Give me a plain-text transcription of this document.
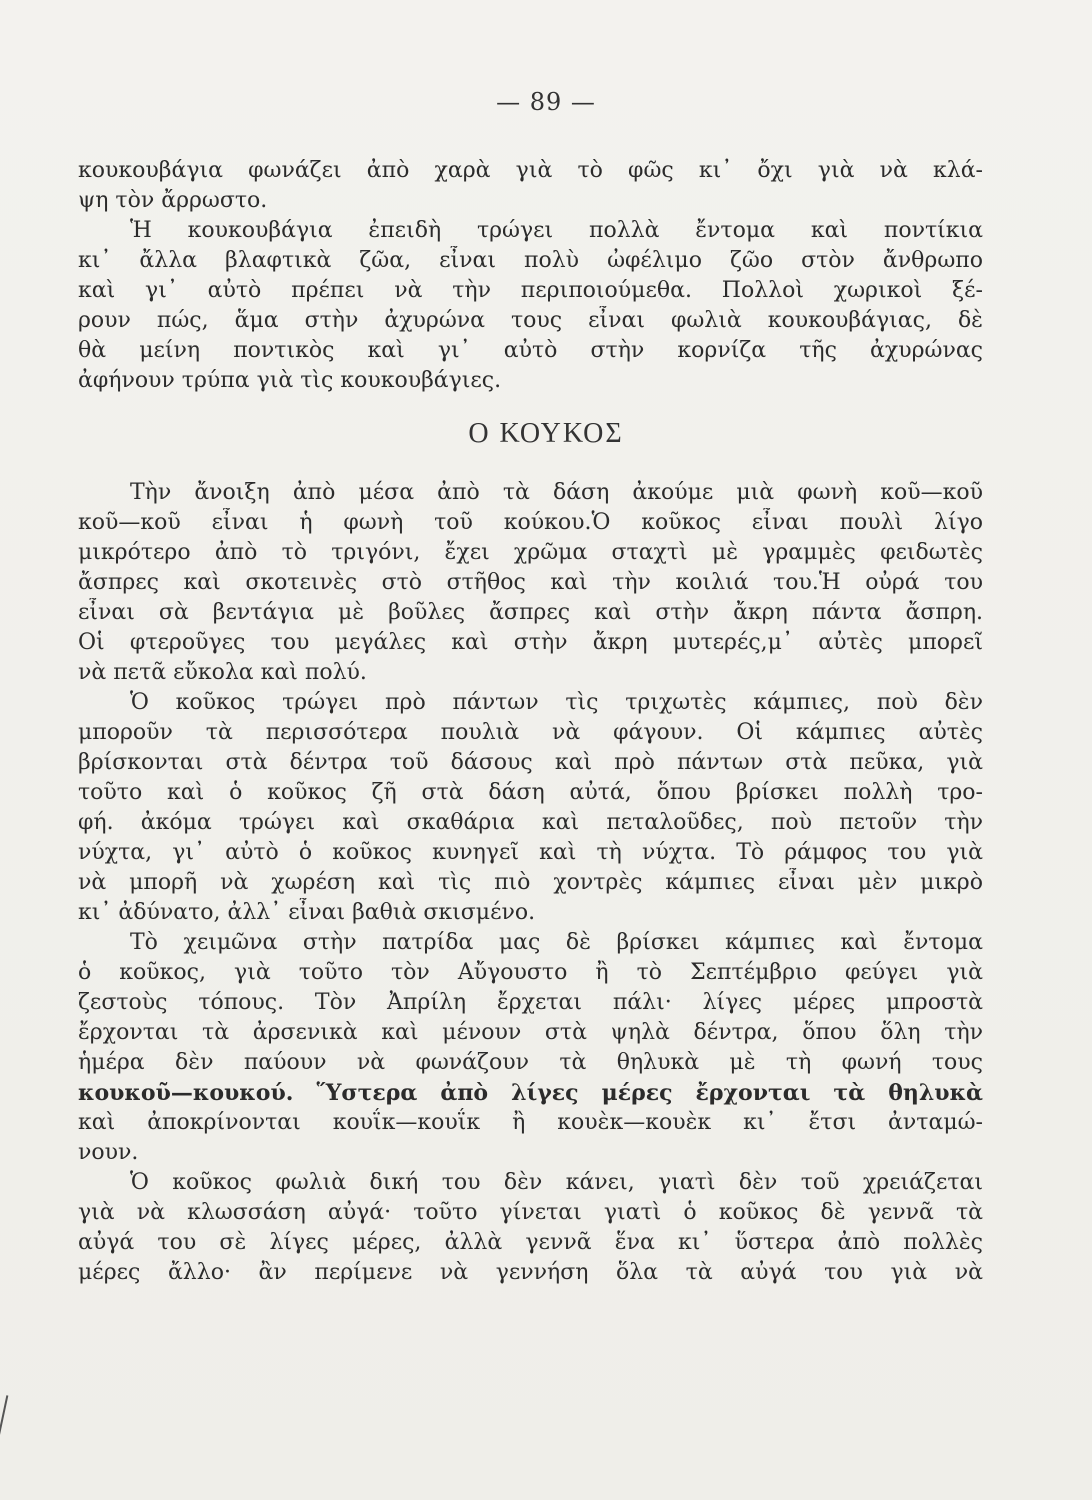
— 89 —
κουκουβάγια φωνάζει ἀπὸ χαρὰ γιὰ τὸ φῶς κι᾿ ὄχι γιὰ νὰ κλά-
ψη τὸν ἄρρωστο.
Ἡ κουκουβάγια ἐπειδὴ τρώγει πολλὰ ἔντομα καὶ ποντίκια
κι᾿ ἄλλα βλαφτικὰ ζῶα, εἶναι πολὺ ὠφέλιμο ζῶο στὸν ἄνθρωπο
καὶ γι᾿ αὐτὸ πρέπει νὰ τὴν περιποιούμεθα. Πολλοὶ χωρικοὶ ξέ-
ρουν πώς, ἅμα στὴν ἀχυρώνα τους εἶναι φωλιὰ κουκουβάγιας, δὲ
θὰ μείνη ποντικὸς καὶ γι᾿ αὐτὸ στὴν κορνίζα τῆς ἀχυρώνας
ἀφήνουν τρύπα γιὰ τὶς κουκουβάγιες.
Ο ΚΟΥΚΟΣ
Τὴν ἄνοιξη ἀπὸ μέσα ἀπὸ τὰ δάση ἀκούμε μιὰ φωνὴ κοῦ—κοῦ
κοῦ—κοῦ εἶναι ἡ φωνὴ τοῦ κούκου.Ὁ κοῦκος εἶναι πουλὶ λίγο
μικρότερο ἀπὸ τὸ τριγόνι, ἔχει χρῶμα σταχτὶ μὲ γραμμὲς φειδωτὲς
ἄσπρες καὶ σκοτεινὲς στὸ στῆθος καὶ τὴν κοιλιά του.Ἡ οὐρά του
εἶναι σὰ βεντάγια μὲ βοῦλες ἄσπρες καὶ στὴν ἄκρη πάντα ἄσπρη.
Οἱ φτεροῦγες του μεγάλες καὶ στὴν ἄκρη μυτερές,μ᾿ αὐτὲς μπορεῖ
νὰ πετᾶ εὔκολα καὶ πολύ.
Ὁ κοῦκος τρώγει πρὸ πάντων τὶς τριχωτὲς κάμπιες, ποὺ δὲν
μποροῦν τὰ περισσότερα πουλιὰ νὰ φάγουν. Οἱ κάμπιες αὐτὲς
βρίσκονται στὰ δέντρα τοῦ δάσους καὶ πρὸ πάντων στὰ πεῦκα, γιὰ
τοῦτο καὶ ὁ κοῦκος ζῆ στὰ δάση αὐτά, ὅπου βρίσκει πολλὴ τρο-
φή. ἀκόμα τρώγει καὶ σκαθάρια καὶ πεταλοῦδες, ποὺ πετοῦν τὴν
νύχτα, γι᾿ αὐτὸ ὁ κοῦκος κυνηγεῖ καὶ τὴ νύχτα. Τὸ ράμφος του γιὰ
νὰ μπορῆ νὰ χωρέση καὶ τὶς πιὸ χοντρὲς κάμπιες εἶναι μὲν μικρὸ
κι᾿ ἀδύνατο, ἀλλ᾿ εἶναι βαθιὰ σκισμένο.
Τὸ χειμῶνα στὴν πατρίδα μας δὲ βρίσκει κάμπιες καὶ ἔντομα
ὁ κοῦκος, γιὰ τοῦτο τὸν Αὔγουστο ἢ τὸ Σεπτέμβριο φεύγει γιὰ
ζεστοὺς τόπους. Τὸν Ἀπρίλη ἔρχεται πάλι· λίγες μέρες μπροστὰ
ἔρχονται τὰ ἀρσενικὰ καὶ μένουν στὰ ψηλὰ δέντρα, ὅπου ὅλη τὴν
ἡμέρα δὲν παύουν νὰ φωνάζουν τὰ θηλυκὰ μὲ τὴ φωνή τους
κουκοῦ—κουκού. Ὕστερα ἀπὸ λίγες μέρες ἔρχονται τὰ θηλυκὰ
καὶ ἀποκρίνονται κουΐκ—κουΐκ ἢ κουὲκ—κουὲκ κι᾿ ἔτσι ἀνταμώ-
νουν.
Ὁ κοῦκος φωλιὰ δική του δὲν κάνει, γιατὶ δὲν τοῦ χρειάζεται
γιὰ νὰ κλωσσάση αὐγά· τοῦτο γίνεται γιατὶ ὁ κοῦκος δὲ γεννᾶ τὰ
αὐγά του σὲ λίγες μέρες, ἀλλὰ γεννᾶ ἕνα κι᾿ ὕστερα ἀπὸ πολλὲς
μέρες ἄλλο· ἂν περίμενε νὰ γεννήση ὅλα τὰ αὐγά του γιὰ νὰ
